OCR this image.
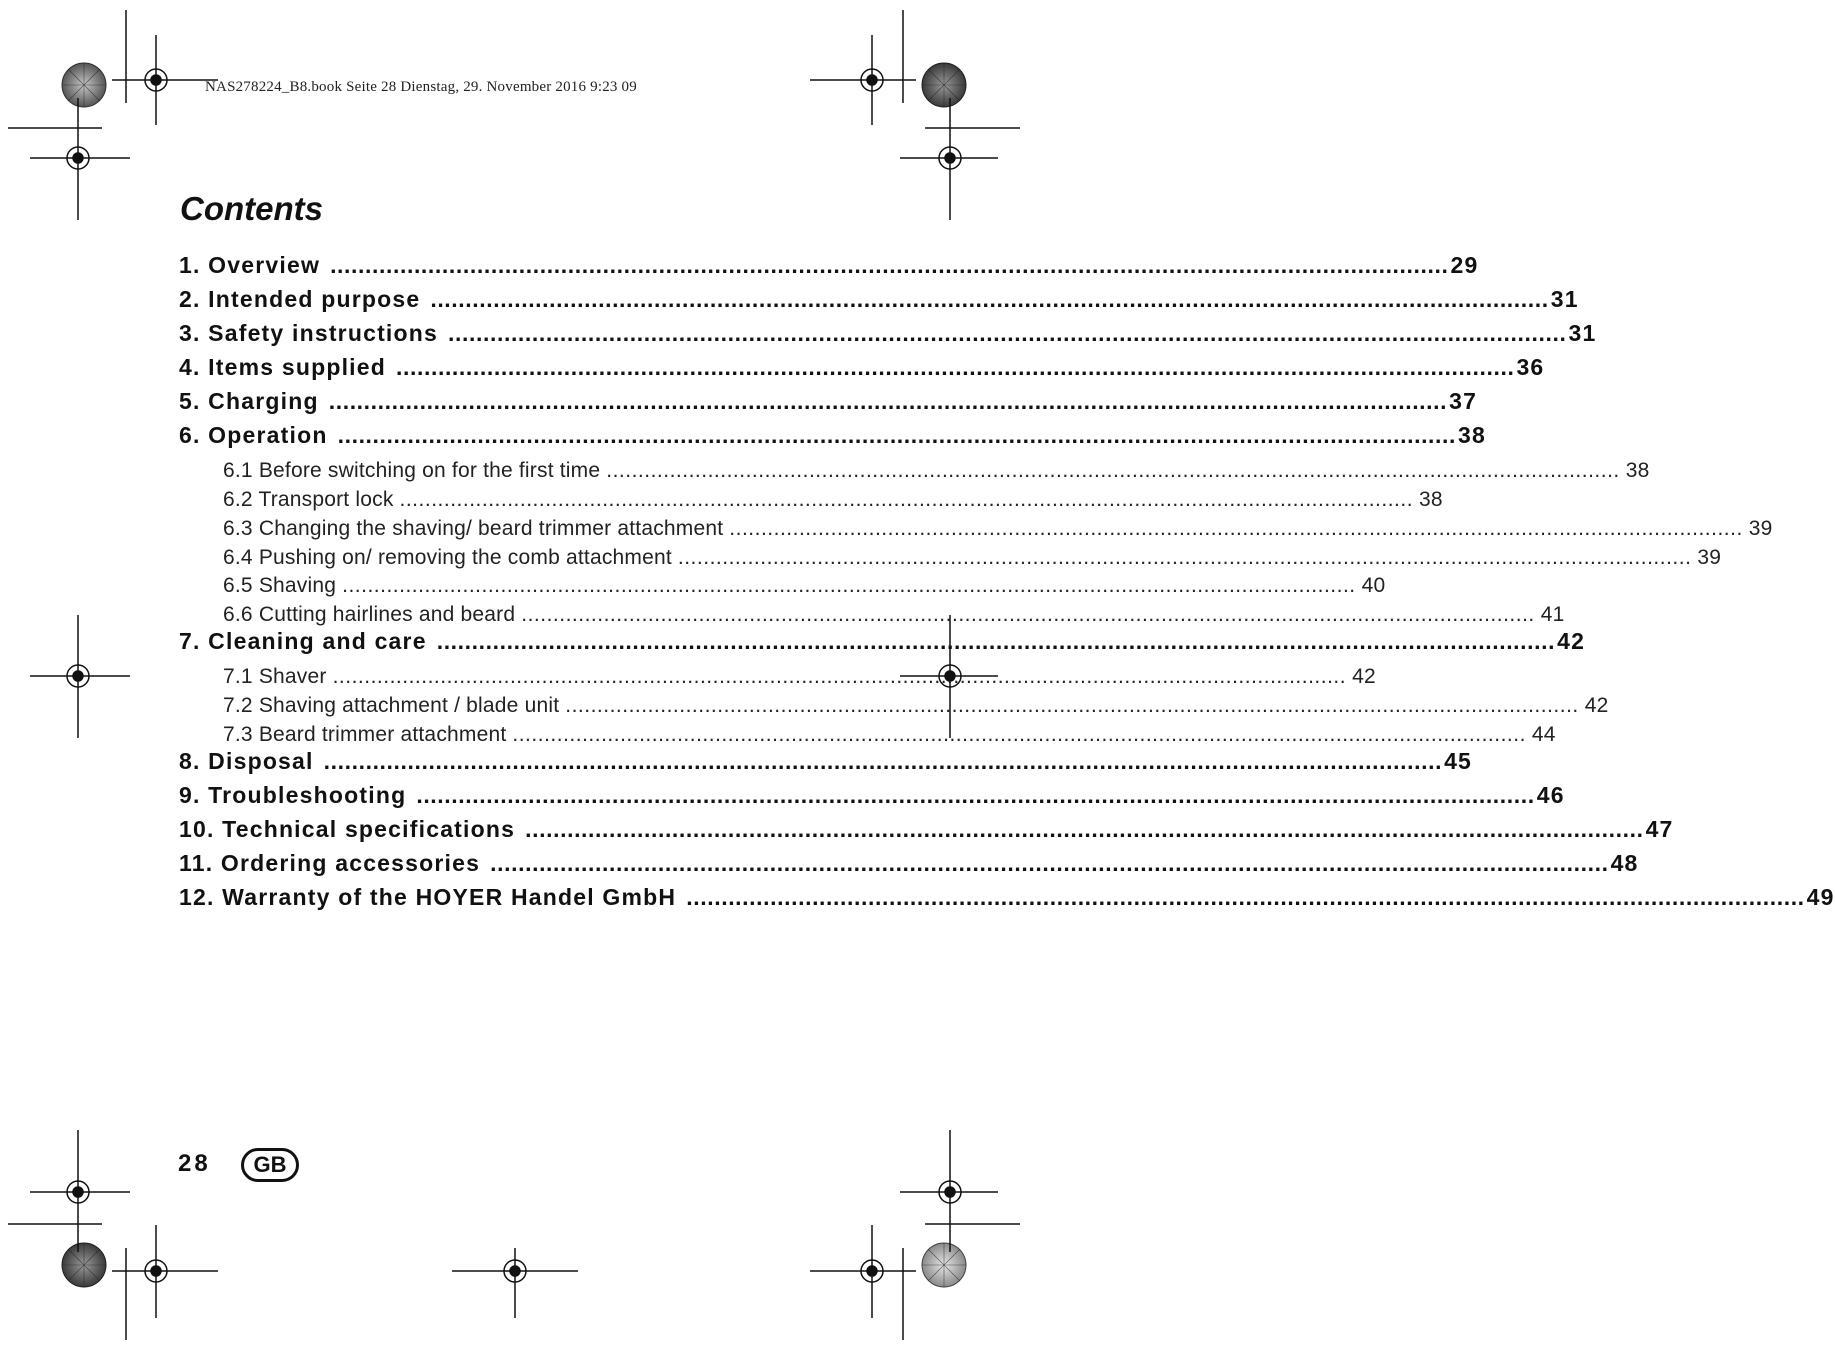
NAS278224_B8.book Seite 28 Dienstag, 29. November 2016 9:23 09
Contents
1. Overview ................................................................................................................................................................ 29
2. Intended purpose ................................................................................................................................................................ 31
3. Safety instructions ................................................................................................................................................................ 31
4. Items supplied ................................................................................................................................................................ 36
5. Charging ................................................................................................................................................................ 37
6. Operation ................................................................................................................................................................ 38
6.1 Before switching on for the first time ................................................................................................................................................................ 38
6.2 Transport lock ................................................................................................................................................................ 38
6.3 Changing the shaving/ beard trimmer attachment ................................................................................................................................................................ 39
6.4 Pushing on/ removing the comb attachment ................................................................................................................................................................ 39
6.5 Shaving ................................................................................................................................................................ 40
6.6 Cutting hairlines and beard ................................................................................................................................................................ 41
7. Cleaning and care ................................................................................................................................................................ 42
7.1 Shaver ................................................................................................................................................................ 42
7.2 Shaving attachment / blade unit ................................................................................................................................................................ 42
7.3 Beard trimmer attachment ................................................................................................................................................................ 44
8. Disposal ................................................................................................................................................................ 45
9. Troubleshooting ................................................................................................................................................................ 46
10. Technical specifications ................................................................................................................................................................ 47
11. Ordering accessories ................................................................................................................................................................ 48
12. Warranty of the HOYER Handel GmbH ................................................................................................................................................................ 49
28	GB
